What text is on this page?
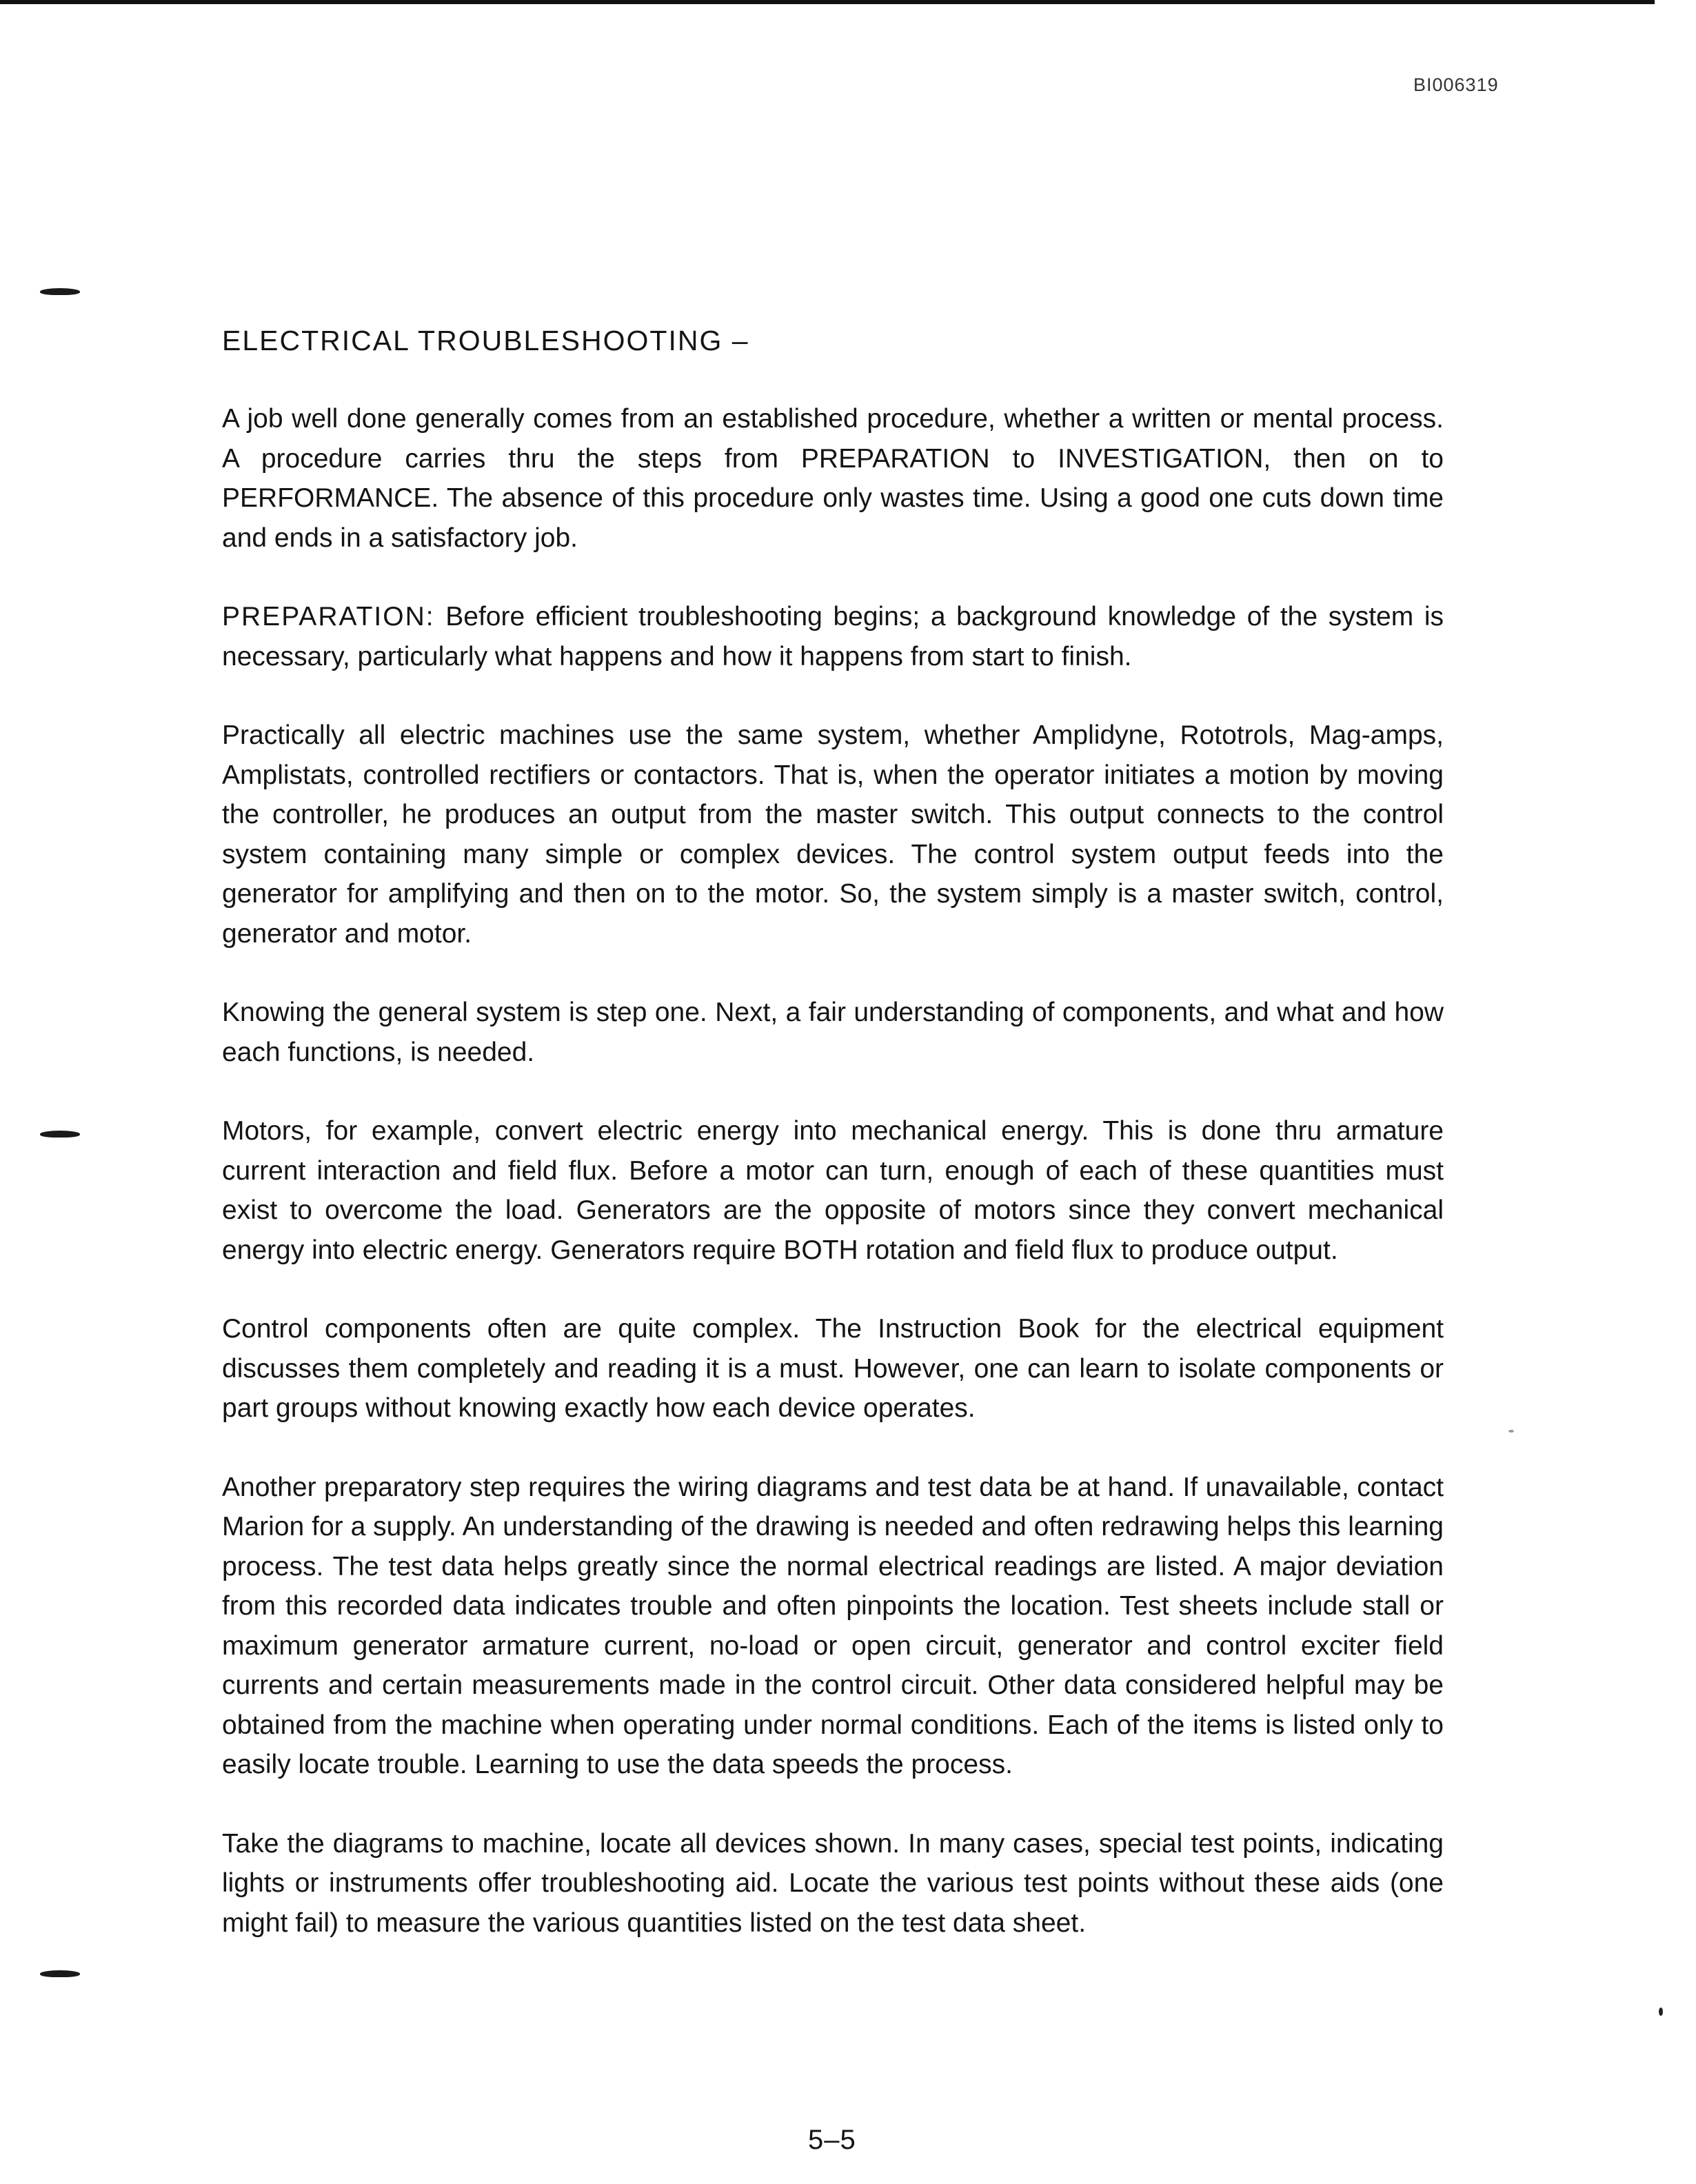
BI006319
ELECTRICAL TROUBLESHOOTING –

A job well done generally comes from an established procedure, whether a written or mental process. A procedure carries thru the steps from PREPARATION to INVESTIGATION, then on to PERFORMANCE. The absence of this procedure only wastes time. Using a good one cuts down time and ends in a satisfactory job.

PREPARATION: Before efficient troubleshooting begins; a background knowledge of the system is necessary, particularly what happens and how it happens from start to finish.

Practically all electric machines use the same system, whether Amplidyne, Rototrols, Mag-amps, Amplistats, controlled rectifiers or contactors. That is, when the operator initiates a motion by moving the controller, he produces an output from the master switch. This output connects to the control system containing many simple or complex devices. The control system output feeds into the generator for amplifying and then on to the motor. So, the system simply is a master switch, control, generator and motor.

Knowing the general system is step one. Next, a fair understanding of components, and what and how each functions, is needed.

Motors, for example, convert electric energy into mechanical energy. This is done thru armature current interaction and field flux. Before a motor can turn, enough of each of these quantities must exist to overcome the load. Generators are the opposite of motors since they convert mechanical energy into electric energy. Generators require BOTH rotation and field flux to produce output.

Control components often are quite complex. The Instruction Book for the electrical equipment discusses them completely and reading it is a must. However, one can learn to isolate components or part groups without knowing exactly how each device operates.

Another preparatory step requires the wiring diagrams and test data be at hand. If unavailable, contact Marion for a supply. An understanding of the drawing is needed and often redrawing helps this learning process. The test data helps greatly since the normal electrical readings are listed. A major deviation from this recorded data indicates trouble and often pinpoints the location. Test sheets include stall or maximum generator armature current, no-load or open circuit, generator and control exciter field currents and certain measurements made in the control circuit. Other data considered helpful may be obtained from the machine when operating under normal conditions. Each of the items is listed only to easily locate trouble. Learning to use the data speeds the process.

Take the diagrams to machine, locate all devices shown. In many cases, special test points, indicating lights or instruments offer troubleshooting aid. Locate the various test points without these aids (one might fail) to measure the various quantities listed on the test data sheet.

5–5
